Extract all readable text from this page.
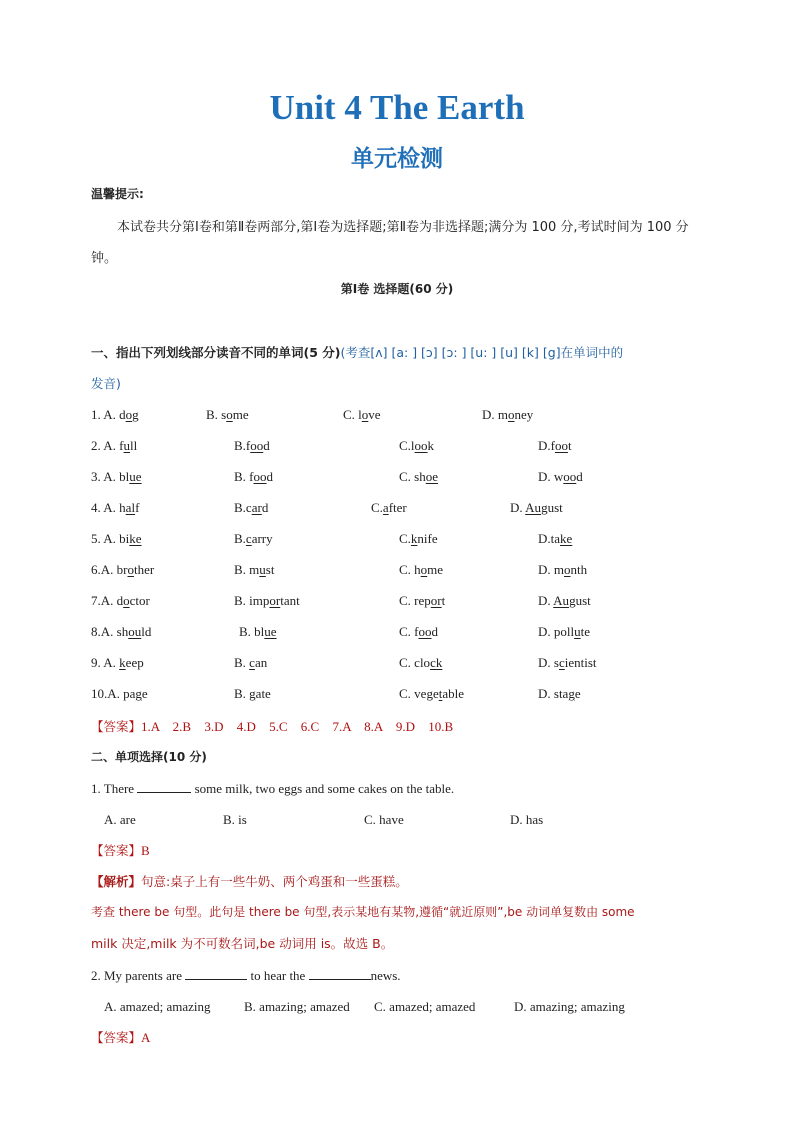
Unit 4 The Earth
单元检测
温馨提示:
本试卷共分第Ⅰ卷和第Ⅱ卷两部分,第Ⅰ卷为选择题;第Ⅱ卷为非选择题;满分为 100 分,考试时间为 100 分钟。
第Ⅰ卷 选择题(60 分)
一、指出下列划线部分读音不同的单词(5 分)(考查[ʌ] [a: ] [ɔ] [ɔ: ] [u: ] [u] [k] [g]在单词中的
发音)
1. A. dog	B. some	C. love	D. money
2. A. full	B.food	C.look	D.foot
3. A. blue	B. food	C. shoe	D. wood
4. A. half	B.card	C.after	D. August
5. A. bike	B.carry	C.knife	D.take
6.A. brother	B. must	C. home	D. month
7.A. doctor	B. important	C. report	D. August
8.A. should	B. blue	C. food	D. pollute
9. A. keep	B. can	C. clock	D. scientist
10.A. page	B. gate	C. vegetable	D. stage
【答案】1.A 2.B 3.D 4.D 5.C 6.C 7.A 8.A 9.D 10.B
二、单项选择(10 分)
1. There	some milk, two eggs and some cakes on the table.
A. are	B. is	C. have	D. has
【答案】B
【解析】句意:桌子上有一些牛奶、两个鸡蛋和一些蛋糕。
考查 there be 句型。此句是 there be 句型,表示某地有某物,遵循“就近原则”,be 动词单复数由 some
milk 决定,milk 为不可数名词,be 动词用 is。故选 B。
2. My parents are	to hear the	news.
A. amazed; amazing	B. amazing; amazed C. amazed; amazed	D. amazing; amazing
【答案】A
